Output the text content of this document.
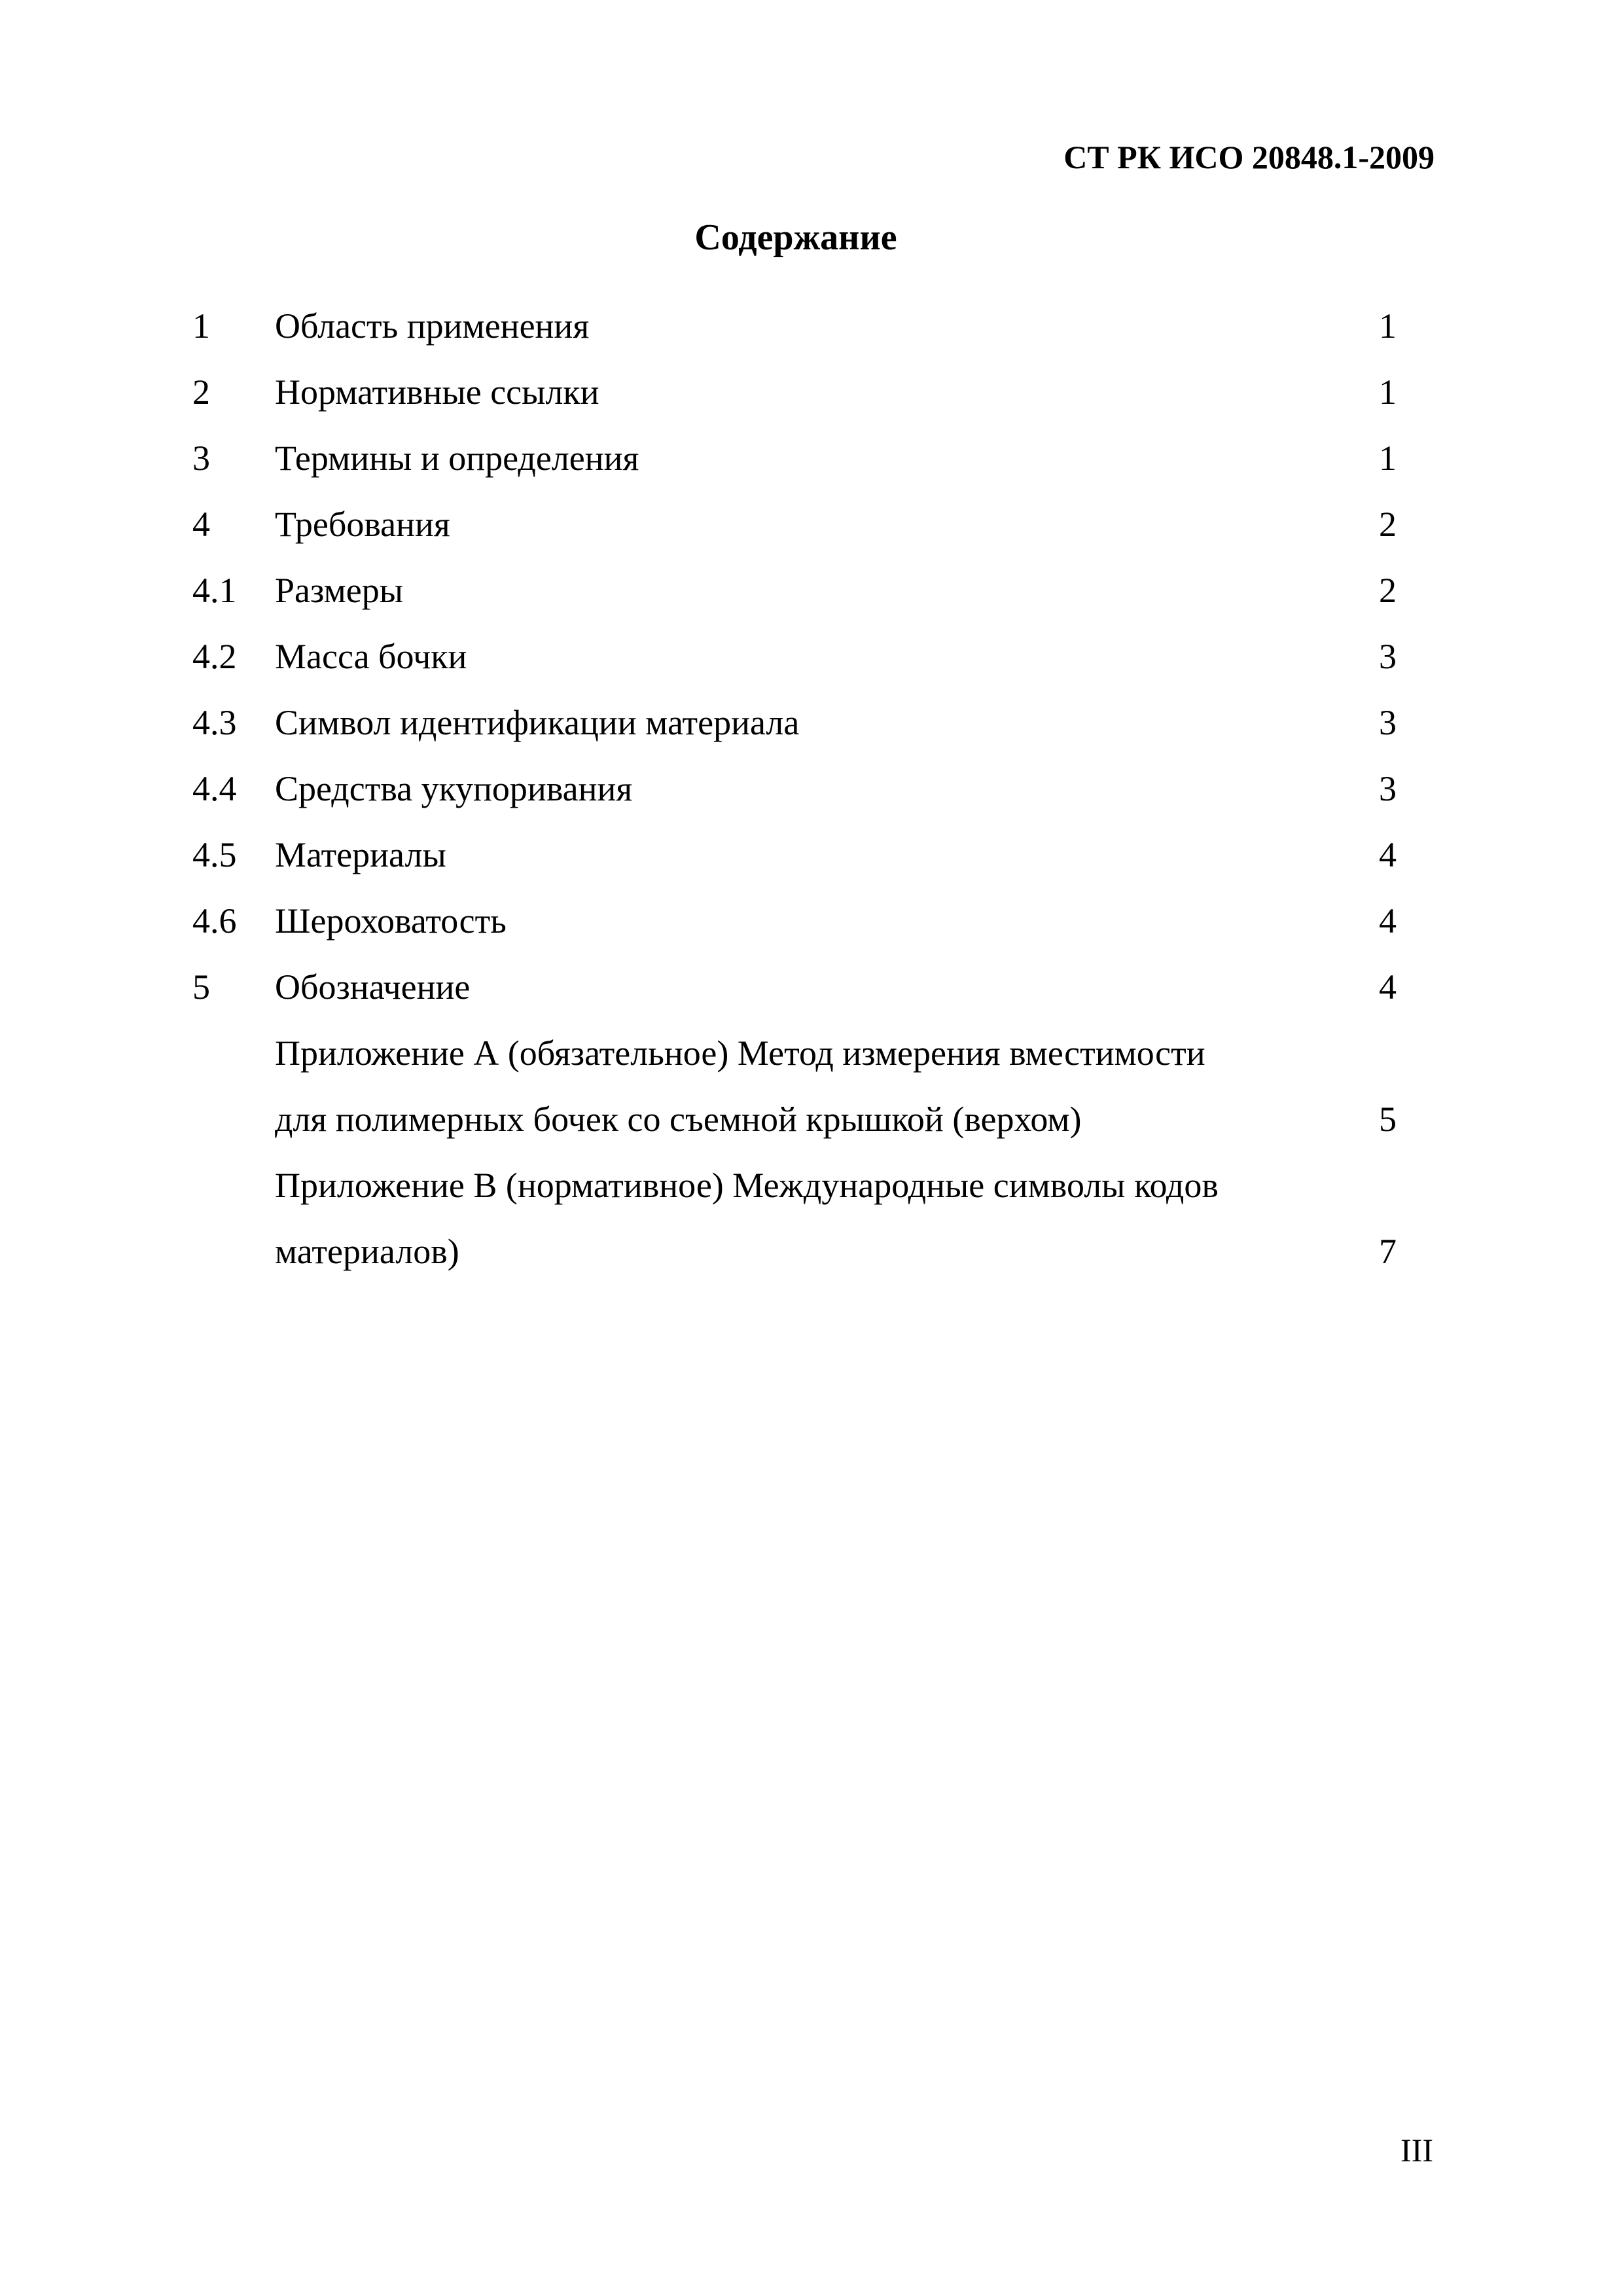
СТ РК ИСО 20848.1-2009
Содержание
1 Область применения	1
2 Нормативные ссылки	1
3 Термины и определения	1
4 Требования	2
4.1 Размеры	2
4.2 Масса бочки	3
4.3 Символ идентификации материала	3
4.4 Средства укупоривания	3
4.5 Материалы	4
4.6 Шероховатость	4
5 Обозначение	4
Приложение А (обязательное) Метод измерения вместимости
для полимерных бочек со съемной крышкой (верхом)	5
Приложение В (нормативное) Международные символы кодов
материалов)	7
III
